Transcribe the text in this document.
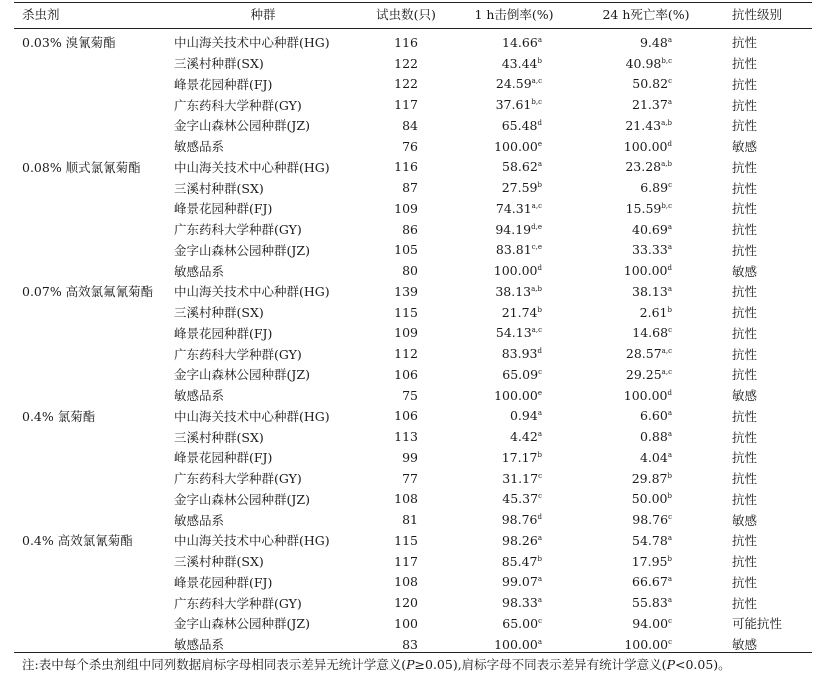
杀虫剂	种群	试虫数(只)	1 h击倒率(%)	24 h死亡率(%)	抗性级别
0.03% 溴氰菊酯	中山海关技术中心种群(HG)	116	14.66$^a$	9.48$^a$	抗性
	三溪村种群(SX)	122	43.44$^b$	40.98$^{b,c}$	抗性
	峰景花园种群(FJ)	122	24.59$^{a,c}$	50.82$^c$	抗性
	广东药科大学种群(GY)	117	37.61$^{b,c}$	21.37$^a$	抗性
	金字山森林公园种群(JZ)	84	65.48$^d$	21.43$^{a,b}$	抗性
	敏感品系	76	100.00e	100.00$^d$	敏感
0.08% 顺式氯氰菊酯	中山海关技术中心种群(HG)	116	58.62$^a$	23.28$^{a,b}$	抗性
	三溪村种群(SX)	87	27.59$^b$	6.89$^c$	抗性
	峰景花园种群(FJ)	109	74.31$^{a,c}$	15.59$^{b,c}$	抗性
	广东药科大学种群(GY)	86	94.19$^{d,e}$	40.69$^a$	抗性
	金字山森林公园种群(JZ)	105	83.81$^{c,e}$	33.33$^a$	抗性
	敏感品系	80	100.00$^d$	100.00$^d$	敏感
0.07% 高效氯氟氰菊酯	中山海关技术中心种群(HG)	139	38.13$^{a,b}$	38.13$^a$	抗性
	三溪村种群(SX)	115	21.74$^b$	2.61$^b$	抗性
	峰景花园种群(FJ)	109	54.13$^{a,c}$	14.68$^c$	抗性
	广东药科大学种群(GY)	112	83.93$^d$	28.57$^{a,c}$	抗性
	金字山森林公园种群(JZ)	106	65.09$^c$	29.25$^{a,c}$	抗性
	敏感品系	75	100.00e	100.00$^d$	敏感
0.4% 氯菊酯	中山海关技术中心种群(HG)	106	0.94$^a$	6.60$^a$	抗性
	三溪村种群(SX)	113	4.42$^a$	0.88$^a$	抗性
	峰景花园种群(FJ)	99	17.17$^b$	4.04$^a$	抗性
	广东药科大学种群(GY)	77	31.17$^c$	29.87$^b$	抗性
	金字山森林公园种群(JZ)	108	45.37$^c$	50.00$^b$	抗性
	敏感品系	81	98.76$^d$	98.76$^c$	敏感
0.4% 高效氯氰菊酯	中山海关技术中心种群(HG)	115	98.26$^a$	54.78$^a$	抗性
	三溪村种群(SX)	117	85.47$^b$	17.95$^b$	抗性
	峰景花园种群(FJ)	108	99.07$^a$	66.67$^a$	抗性
	广东药科大学种群(GY)	120	98.33$^a$	55.83$^a$	抗性
	金字山森林公园种群(JZ)	100	65.00$^c$	94.00$^c$	可能抗性
	敏感品系	83	100.00$^a$	100.00$^c$	敏感
注:表中每个杀虫剂组中同列数据肩标字母相同表示差异无统计学意义(P≥0.05),肩标字母不同表示差异有统计学意义(P<0.05)。
